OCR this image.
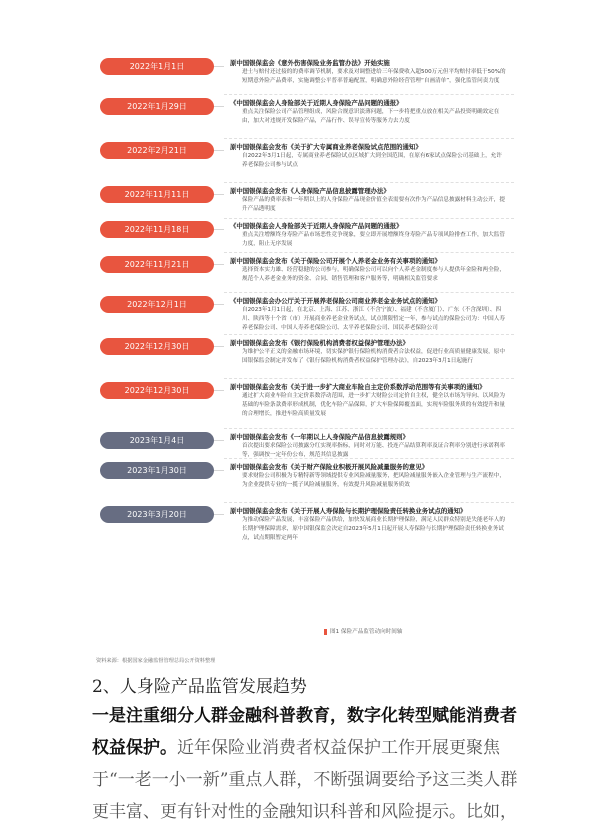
2022年1月1日	原中国银保监会《意外伤害保险业务监管办法》开始实施
进士与赔付还过接的的费率调节机制，要求及对调整进给三年保费收入超500万元但平均赔付率低于50%的短期意外险产品费率，实施调整公平普率普遍配置，明确意外险经营管理“自画清单”，强化监管问责力度
2022年1月29日	《中国银保监会人身险部关于近期人身保险产品问题的通报》
重点关注保险公司产品管理组成，风险合规意识淡薄问题，下一步将把重点放在相关产品投资明确效定在由，加大对违规开发保险产品，产品行作、误导宣传等服务力去力度
2022年2月21日	原中国银保监会发布《关于扩大专属商业养老保险试点范围的通知》
自2022年3月1日起，专属商业养老保险试点区域扩大到全国范围，在原有6家试点保险公司基础上，允许养老保险公司参与试点
2022年11月11日	原中国银保监会发布《人身保险产品信息披露管理办法》
保险产品的费率表和一年期以上的人身保险产品现金价值全表需要有次作为产品信息披露材料主动公开，提升产品透明度
2022年11月18日	《中国银保监会人身险部关于近期人身保险产品问题的通报》
重点关注增额终身寿险产品市场恶性竞争现象，要立即开展增额终身寿险产品专项风险排查工作，加大监管力度，阻止无序发展
2022年11月21日	原中国银保监会发布《关于保险公司开展个人养老金业务有关事项的通知》
选择资本实力雄、经营稳健的公司参与，明确保险公司可以向个人养老金制度参与人提供年金险和两全险，规范个人养老金业务的资金、合同、销售管理和客户服务等，明确相关监管要求
2022年12月1日	《中国银保监会办公厅关于开展养老保险公司商业养老金业务试点的通知》
自2023年1月1日起，在北京、上海、江苏、浙江（不含宁波）、福建（不含厦门）、广东（不含深圳）、四川、陕西等十个省（市）开展商业养老金业务试点，试点期限暂定一年，参与试点的保险公司为：中国人寿养老保险公司、中国人寿养老保险公司、太平养老保险公司、国民养老保险公司
2022年12月30日	原中国银保监会发布《银行保险机构消费者权益保护管理办法》
为维护公平正义的金融市场环境，切实保护银行保险机构消费者合法权益，促进行业高质量健康发展，原中国银保监会制定并发布了《银行保险机构消费者权益保护管理办法》，自2023年3月1日起施行
2022年12月30日	原中国银保监会发布《关于进一步扩大商业车险自主定价系数浮动范围等有关事项的通知》
通过扩大商业车险自主定价系数浮动范围，进一步扩大财险公司定价自主权，健全以市场为导向、以风险为基础的车险条款费率形成机制，优化车险产品保障，扩大车险保障覆盖面，实现车险服务质的有效提升和量的合理增长，推进车险高质量发展
2023年1月4日	原中国银保监会发布《一年期以上人身保险产品信息披露规则》
首次提出要求保险公司披露分红实现率指标，同时对万能、投连产品结算利率及证合利率分别进行承诺利率等，强调按一定年份公布，规范其信息披露
2023年1月30日	原中国银保监会发布《关于财产保险业积极开展风险减量服务的意见》
要求财险公司积极为专精特新等领域提供专业风险减量服务，把风险减量服务嵌入企业管理与生产流程中，为企业提供专业的一揽子风险减量服务，有效提升风险减量服务质效
2023年3月20日	原中国银保监会发布《关于开展人寿保险与长期护理保险责任转换业务试点的通知》
为推动保险产品发展，丰富保险产品供给，加快发展商业长期护理保险，满足人民群众特别是失能老年人的长期护理保障需求，原中国银保监会决定自2023年5月1日起开展人寿保险与长期护理保险责任转换业务试点，试点期限暂定两年
图1 保险产品监管动向时间轴
资料来源：根据国家金融监督管理总局公开资料整理
2、人身险产品监管发展趋势
一是注重细分人群金融科普教育，数字化转型赋能消费者权益保护。近年保险业消费者权益保护工作开展更聚焦于“一老一小一新”重点人群，不断强调要给予这三类人群更丰富、更有针对性的金融知识科普和风险提示。比如，
